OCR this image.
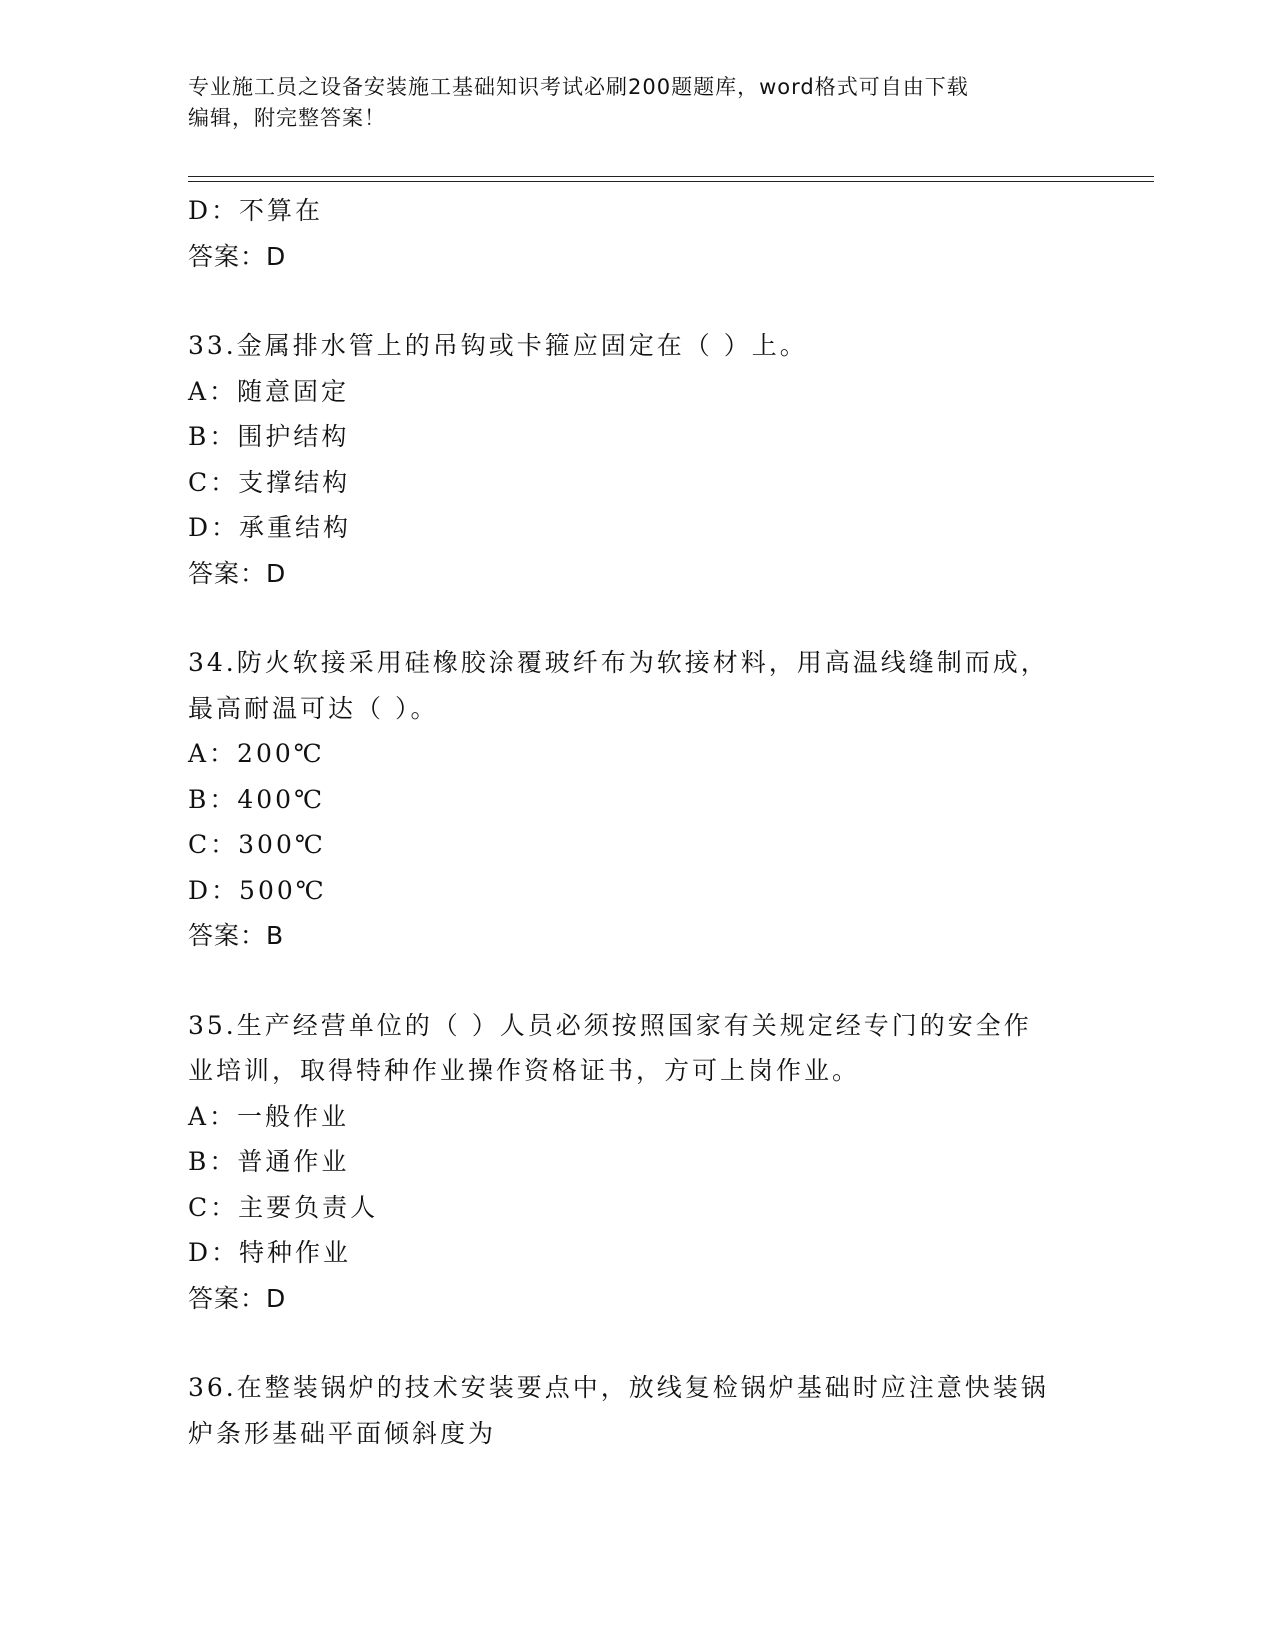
专业施工员之设备安装施工基础知识考试必刷200题题库，word格式可自由下载
编辑，附完整答案！
D：不算在
答案：D
33.金属排水管上的吊钩或卡箍应固定在（ ）上。
A：随意固定
B：围护结构
C：支撑结构
D：承重结构
答案：D
34.防火软接采用硅橡胶涂覆玻纤布为软接材料，用高温线缝制而成，
最高耐温可达（ ）。
A：200℃
B：400℃
C：300℃
D：500℃
答案：B
35.生产经营单位的（ ）人员必须按照国家有关规定经专门的安全作
业培训，取得特种作业操作资格证书，方可上岗作业。
A：一般作业
B：普通作业
C：主要负责人
D：特种作业
答案：D
36.在整装锅炉的技术安装要点中，放线复检锅炉基础时应注意快装锅
炉条形基础平面倾斜度为
